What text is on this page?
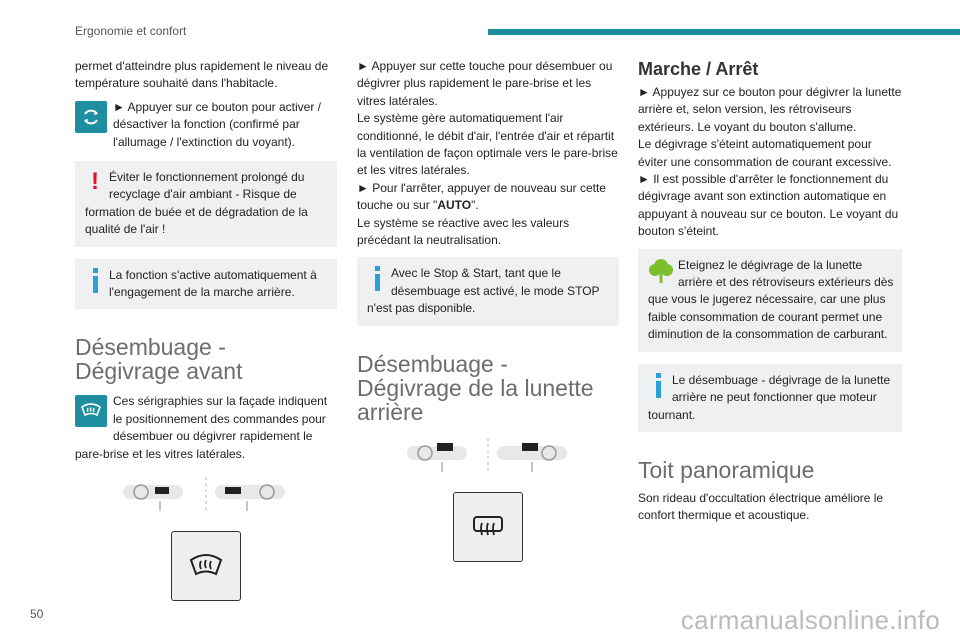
Ergonomie et confort

permet d'atteindre plus rapidement le niveau de température souhaité dans l'habitacle.

► Appuyer sur ce bouton pour activer / désactiver la fonction (confirmé par l'allumage / l'extinction du voyant).

! Éviter le fonctionnement prolongé du recyclage d'air ambiant - Risque de formation de buée et de dégradation de la qualité de l'air !

La fonction s'active automatiquement à l'engagement de la marche arrière.

Désembuage - Dégivrage avant

Ces sérigraphies sur la façade indiquent le positionnement des commandes pour désembuer ou dégivrer rapidement le pare-brise et les vitres latérales.

► Appuyer sur cette touche pour désembuer ou dégivrer plus rapidement le pare-brise et les vitres latérales.

Le système gère automatiquement l'air conditionné, le débit d'air, l'entrée d'air et répartit la ventilation de façon optimale vers le pare-brise et les vitres latérales.

► Pour l'arrêter, appuyer de nouveau sur cette touche ou sur "AUTO".

Le système se réactive avec les valeurs précédant la neutralisation.

Avec le Stop & Start, tant que le désembuage est activé, le mode STOP n'est pas disponible.

Désembuage - Dégivrage de la lunette arrière
Marche / Arrêt

► Appuyez sur ce bouton pour dégivrer la lunette arrière et, selon version, les rétroviseurs extérieurs. Le voyant du bouton s'allume.

Le dégivrage s'éteint automatiquement pour éviter une consommation de courant excessive.

► Il est possible d'arrêter le fonctionnement du dégivrage avant son extinction automatique en appuyant à nouveau sur ce bouton. Le voyant du bouton s'éteint.

Eteignez le dégivrage de la lunette arrière et des rétroviseurs extérieurs dès que vous le jugerez nécessaire, car une plus faible consommation de courant permet une diminution de la consommation de carburant.

Le désembuage - dégivrage de la lunette arrière ne peut fonctionner que moteur tournant.

Toit panoramique

Son rideau d'occultation électrique améliore le confort thermique et acoustique.

50	carmanualsonline.info
